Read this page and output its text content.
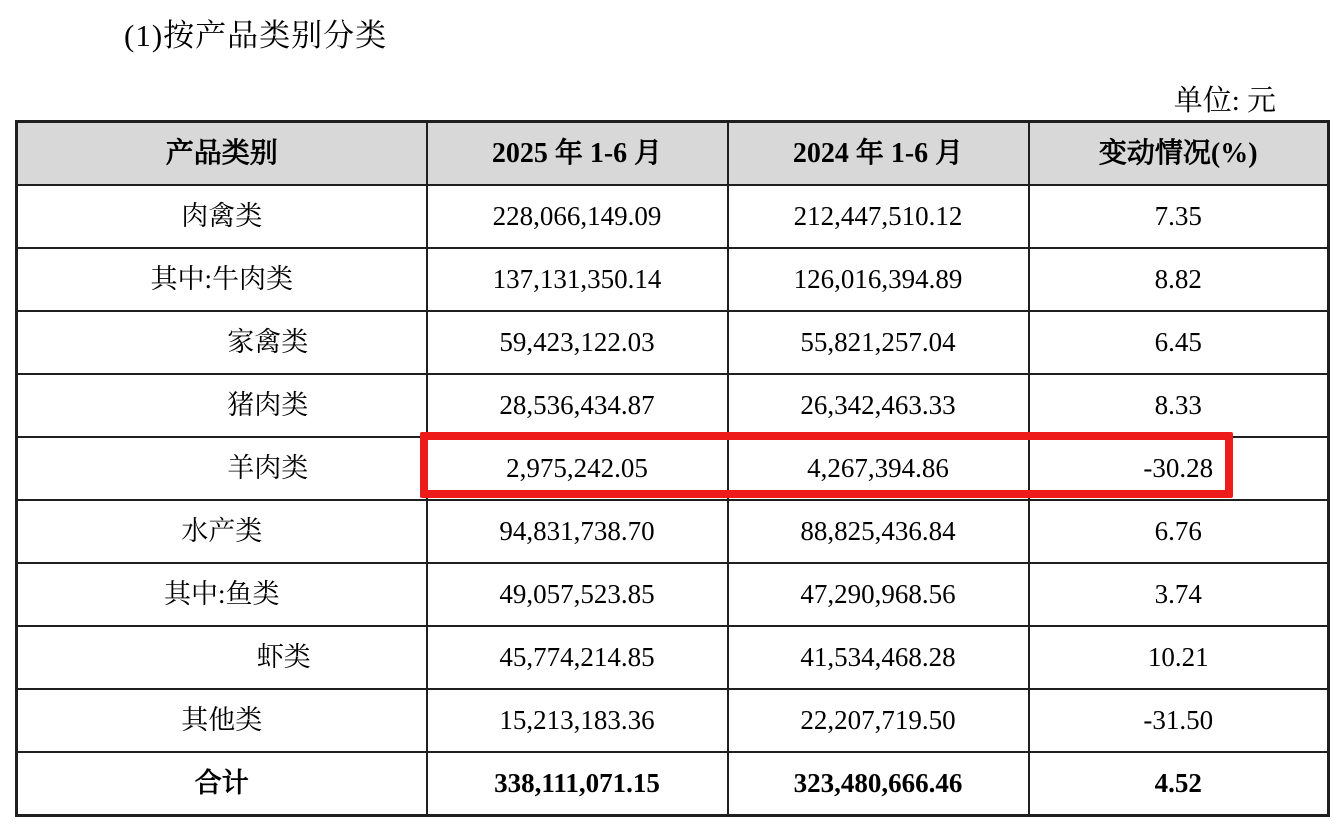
(1)按产品类别分类
单位: 元
产品类别	2025 年 1-6 月	2024 年 1-6 月	变动情况(%)
肉禽类	228,066,149.09	212,447,510.12	7.35
其中:牛肉类	137,131,350.14	126,016,394.89	8.82
家禽类	59,423,122.03	55,821,257.04	6.45
猪肉类	28,536,434.87	26,342,463.33	8.33
羊肉类	2,975,242.05	4,267,394.86	-30.28
水产类	94,831,738.70	88,825,436.84	6.76
其中:鱼类	49,057,523.85	47,290,968.56	3.74
虾类	45,774,214.85	41,534,468.28	10.21
其他类	15,213,183.36	22,207,719.50	-31.50
合计	338,111,071.15	323,480,666.46	4.52
